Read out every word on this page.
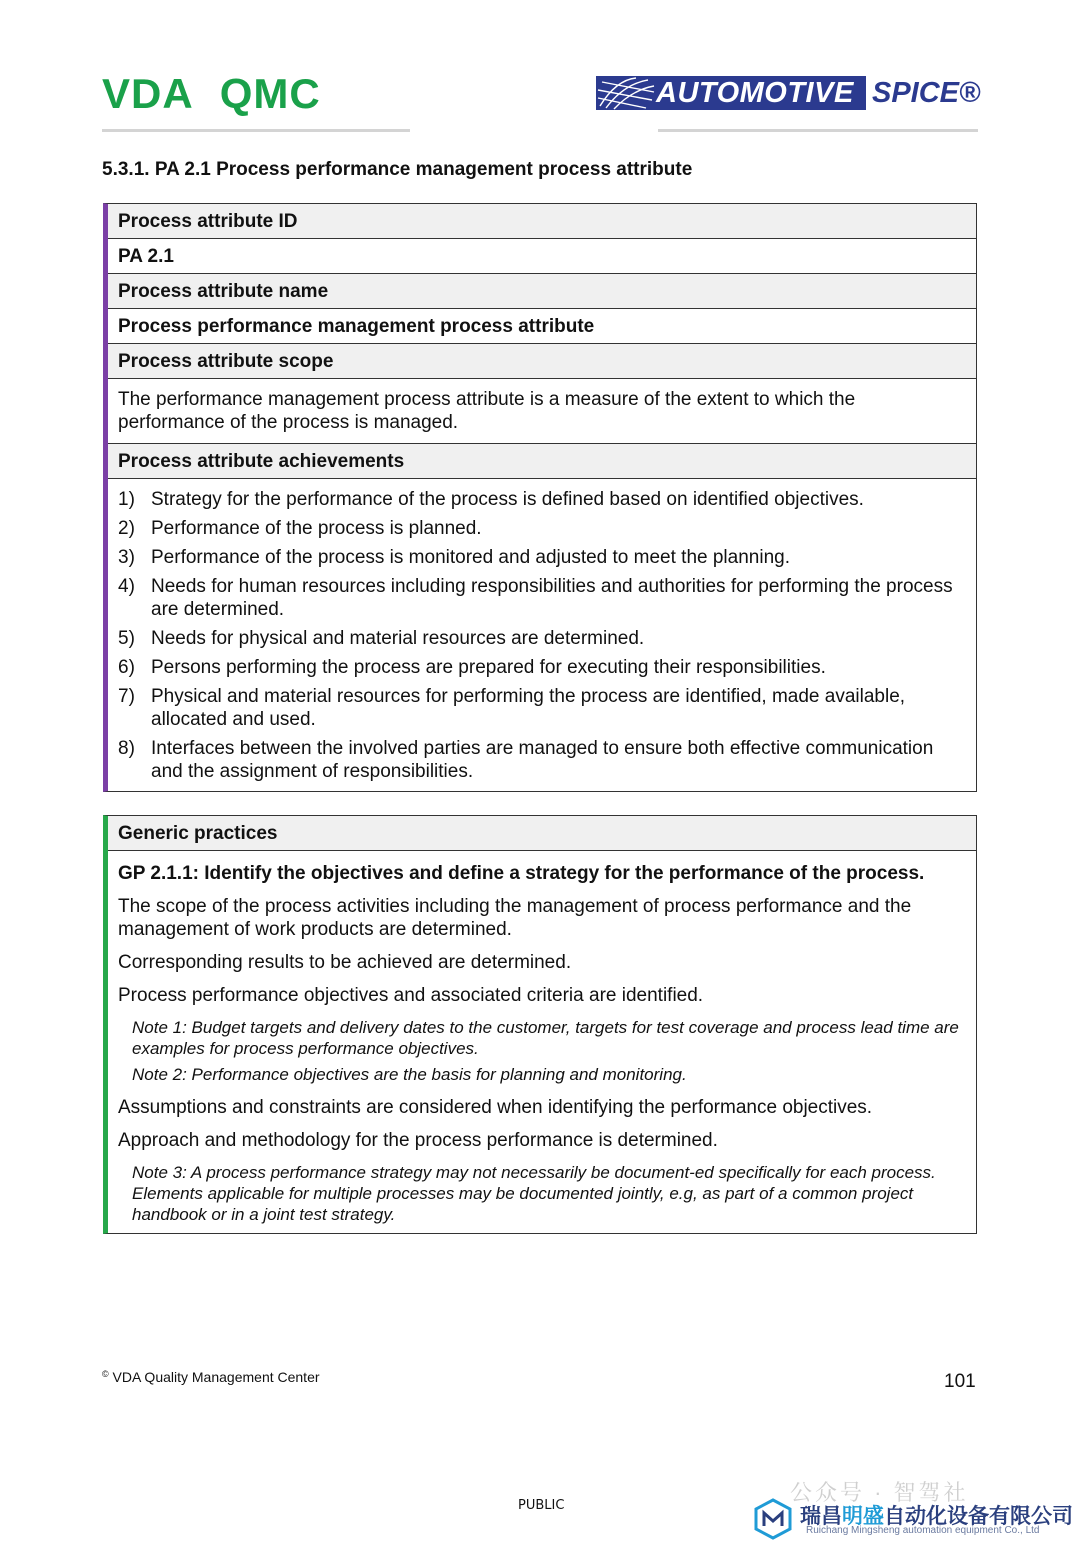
VDA QMC	AUTOMOTIVE SPICE®
5.3.1. PA 2.1 Process performance management process attribute
Process attribute ID
PA 2.1
Process attribute name
Process performance management process attribute
Process attribute scope
The performance management process attribute is a measure of the extent to which the performance of the process is managed.
Process attribute achievements
1) Strategy for the performance of the process is defined based on identified objectives.
2) Performance of the process is planned.
3) Performance of the process is monitored and adjusted to meet the planning.
4) Needs for human resources including responsibilities and authorities for performing the process are determined.
5) Needs for physical and material resources are determined.
6) Persons performing the process are prepared for executing their responsibilities.
7) Physical and material resources for performing the process are identified, made available, allocated and used.
8) Interfaces between the involved parties are managed to ensure both effective communication and the assignment of responsibilities.
Generic practices
GP 2.1.1: Identify the objectives and define a strategy for the performance of the process.
The scope of the process activities including the management of process performance and the management of work products are determined.
Corresponding results to be achieved are determined.
Process performance objectives and associated criteria are identified.
Note 1: Budget targets and delivery dates to the customer, targets for test coverage and process lead time are examples for process performance objectives.
Note 2: Performance objectives are the basis for planning and monitoring.
Assumptions and constraints are considered when identifying the performance objectives.
Approach and methodology for the process performance is determined.
Note 3: A process performance strategy may not necessarily be document-ed specifically for each process. Elements applicable for multiple processes may be documented jointly, e.g, as part of a common project handbook or in a joint test strategy.
© VDA Quality Management Center	101
PUBLIC
公众号 · 智驾社
瑞昌明盛自动化设备有限公司
Ruichang Mingsheng automation equipment Co., Ltd
